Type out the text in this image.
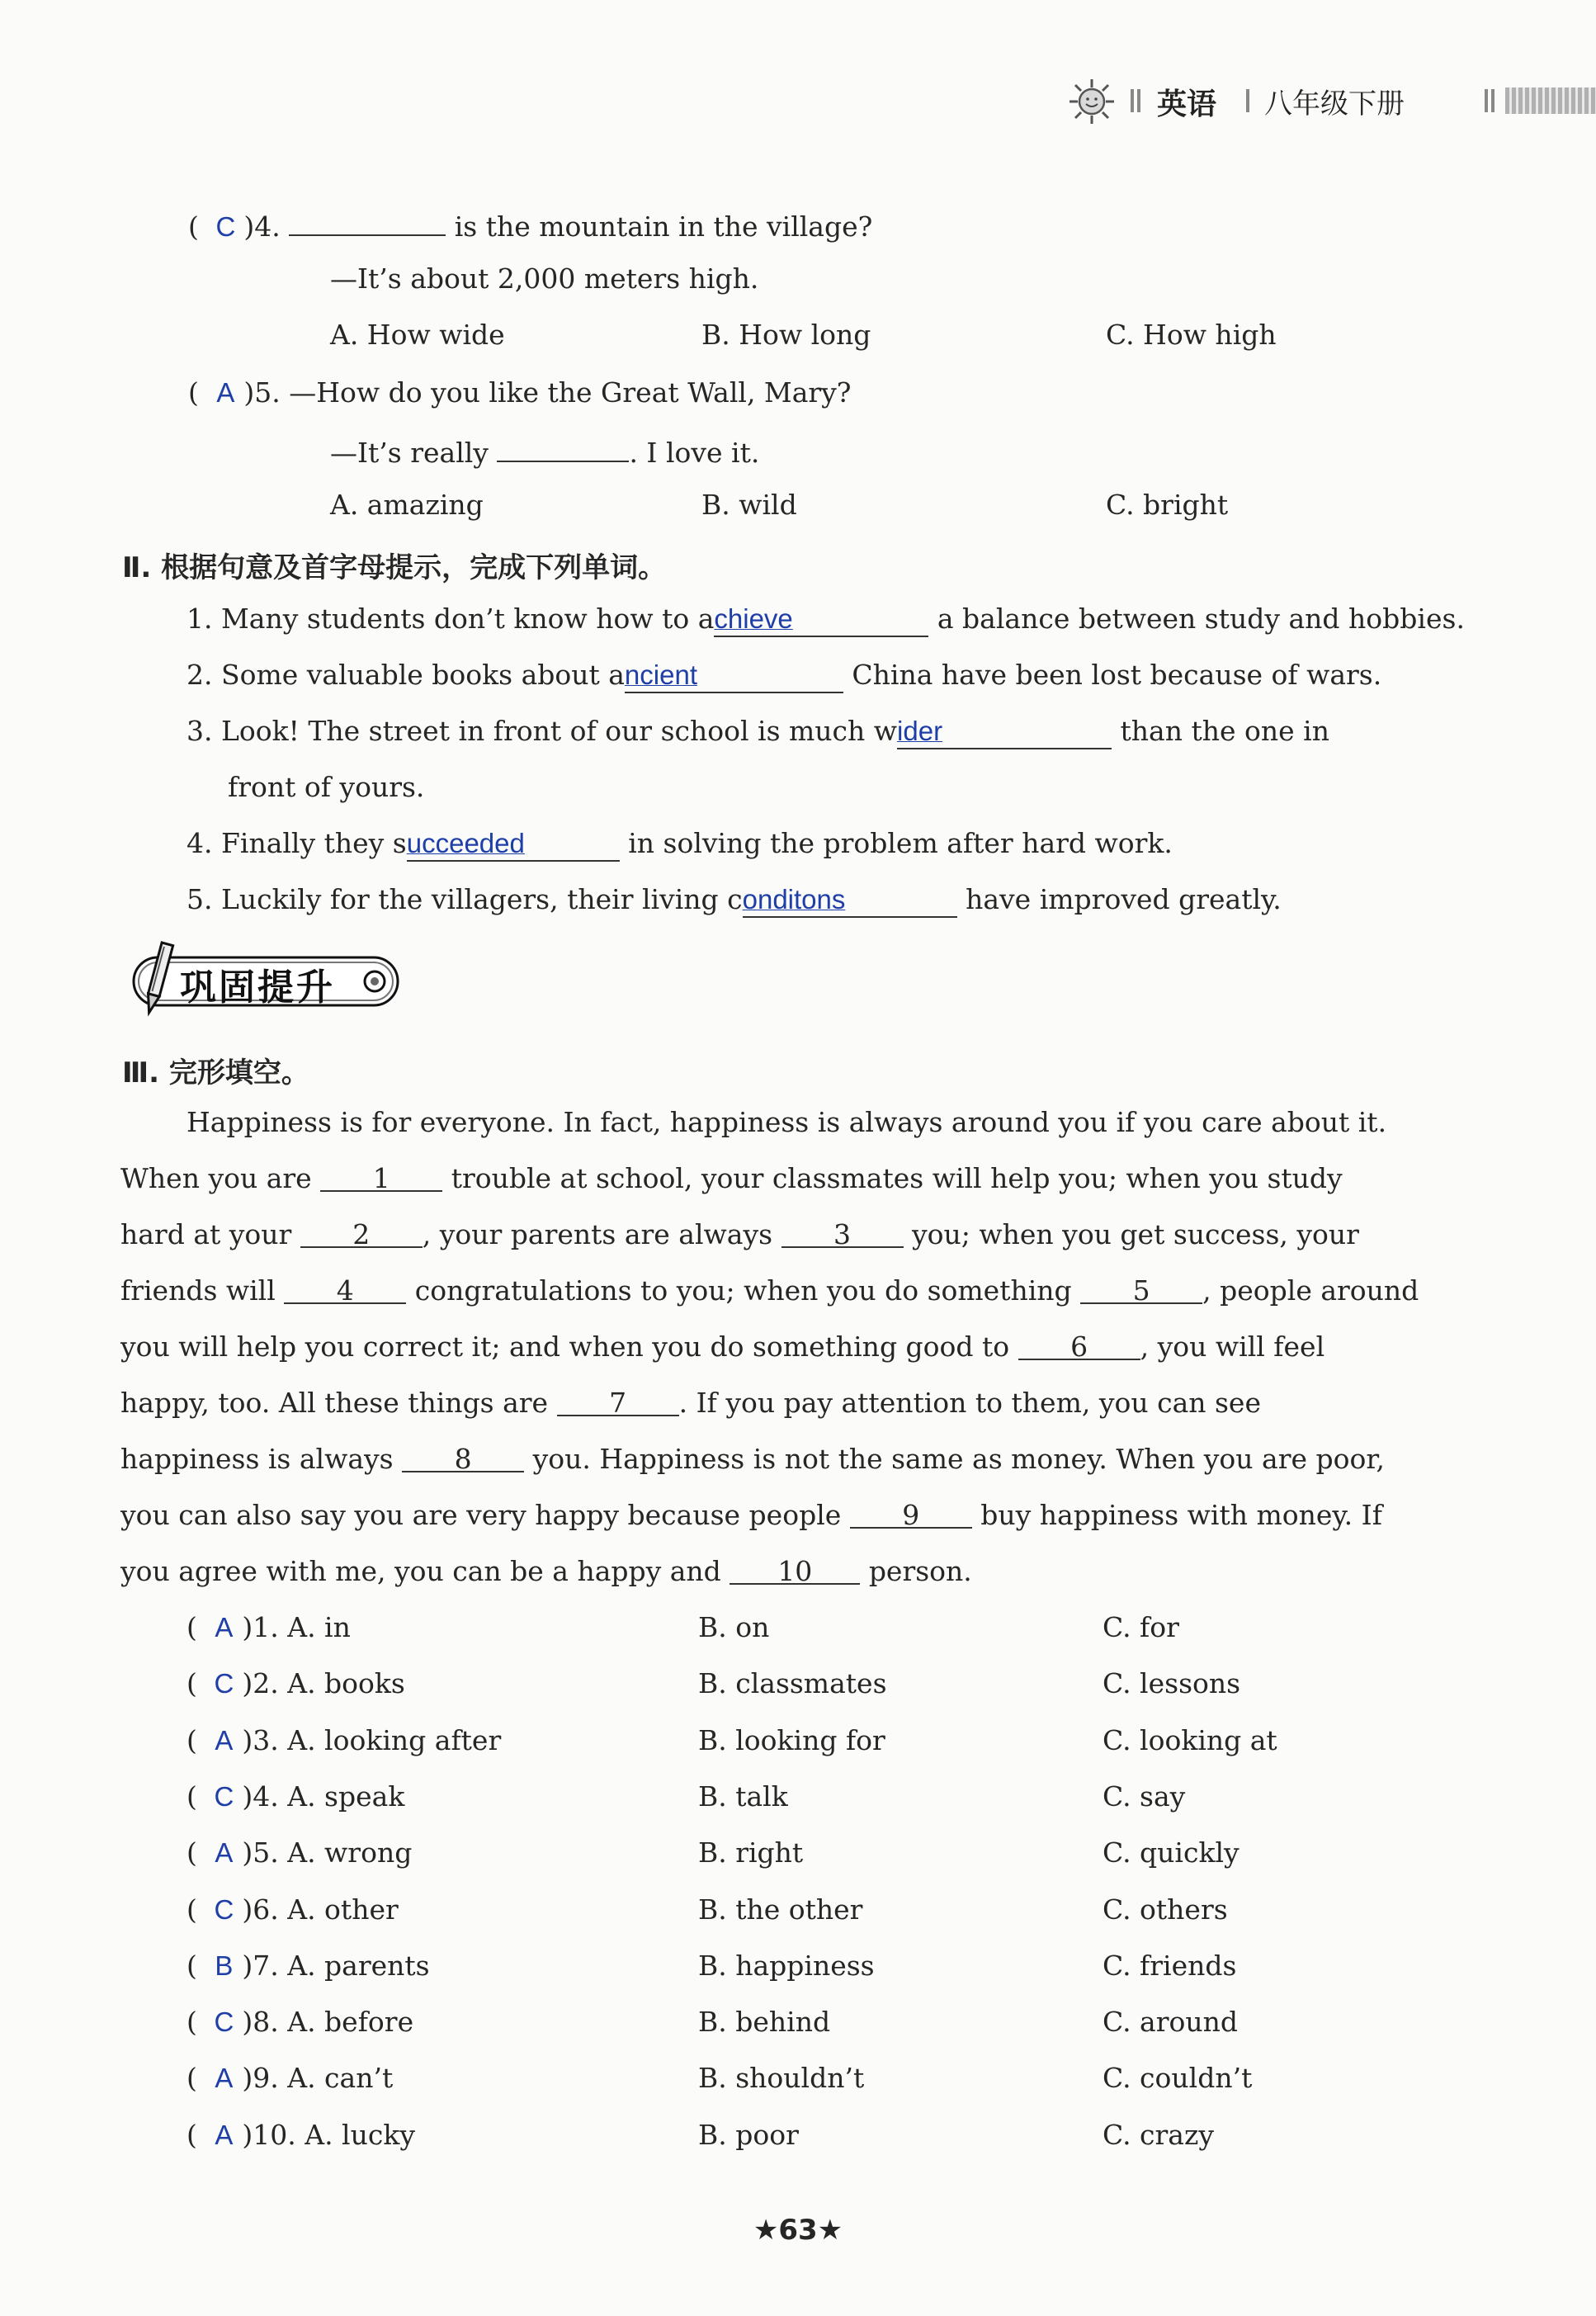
英语 八年级下册
( C )4.	is the mountain in the village?
—It’s about 2,000 meters high.
A. How wide	B. How long	C. How high
( A )5. —How do you like the Great Wall, Mary?
—It’s really	. I love it.
A. amazing	B. wild	C. bright
Ⅱ. 根据句意及首字母提示，完成下列单词。
1. Many students don’t know how to achieve	a balance between study and hobbies.
2. Some valuable books about ancient	China have been lost because of wars.
3. Look! The street in front of our school is much wider	than the one in
front of yours.
4. Finally they succeeded	in solving the problem after hard work.
5. Luckily for the villagers, their living conditons	have improved greatly.
巩固提升
Ⅲ. 完形填空。
Happiness is for everyone. In fact, happiness is always around you if you care about it.
When you are 1 trouble at school, your classmates will help you; when you study
hard at your 2 , your parents are always 3 you; when you get success, your
friends will 4 congratulations to you; when you do something 5 , people around
you will help you correct it; and when you do something good to 6 , you will feel
happy, too. All these things are 7 . If you pay attention to them, you can see
happiness is always 8 you. Happiness is not the same as money. When you are poor,
you can also say you are very happy because people 9 buy happiness with money. If
you agree with me, you can be a happy and 10 person.
( A )1. A. in	B. on	C. for
( C )2. A. books	B. classmates	C. lessons
( A )3. A. looking after	B. looking for	C. looking at
( C )4. A. speak	B. talk	C. say
( A )5. A. wrong	B. right	C. quickly
( C )6. A. other	B. the other	C. others
( B )7. A. parents	B. happiness	C. friends
( C )8. A. before	B. behind	C. around
( A )9. A. can’t	B. shouldn’t	C. couldn’t
( A )10. A. lucky	B. poor	C. crazy
★63★
